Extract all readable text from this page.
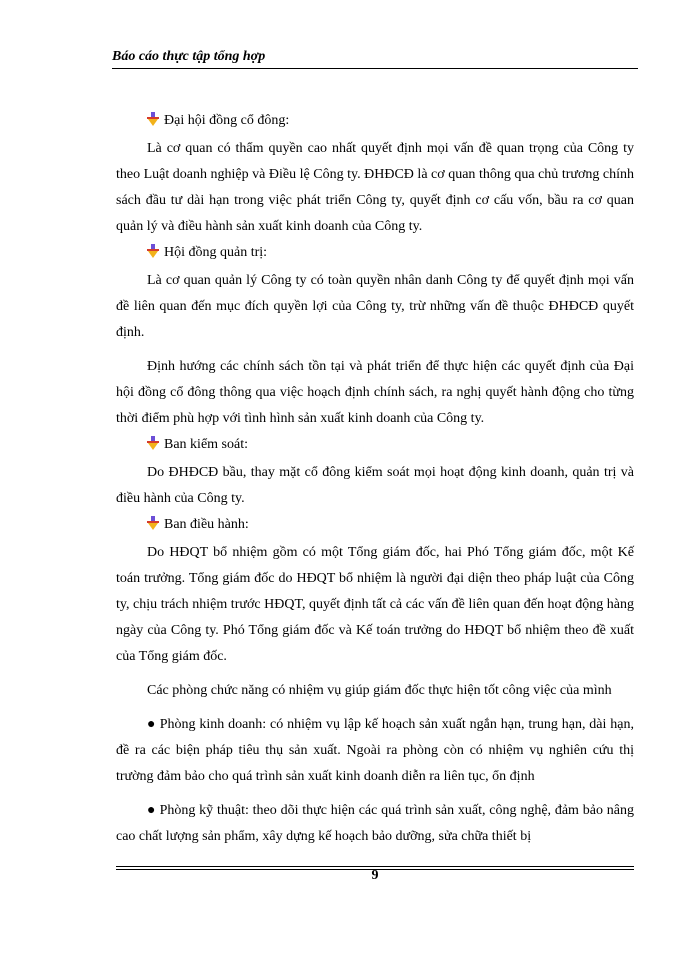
Báo cáo thực tập tổng hợp

Đại hội đồng cổ đông:

Là cơ quan có thẩm quyền cao nhất quyết định mọi vấn đề quan trọng của Công ty theo Luật doanh nghiệp và Điều lệ Công ty. ĐHĐCĐ là cơ quan thông qua chủ trương chính sách đầu tư dài hạn trong việc phát triển Công ty, quyết định cơ cấu vốn, bầu ra cơ quan quản lý và điều hành sản xuất kinh doanh của Công ty.

Hội đồng quản trị:

Là cơ quan quản lý Công ty có toàn quyền nhân danh Công ty để quyết định mọi vấn đề liên quan đến mục đích quyền lợi của Công ty, trừ những vấn đề thuộc ĐHĐCĐ quyết định.

Định hướng các chính sách tồn tại và phát triển để thực hiện các quyết định của Đại hội đồng cổ đông thông qua việc hoạch định chính sách, ra nghị quyết hành động cho từng thời điểm phù hợp với tình hình sản xuất kinh doanh của Công ty.

Ban kiểm soát:

Do ĐHĐCĐ bầu, thay mặt cổ đông kiểm soát mọi hoạt động kinh doanh, quản trị và điều hành của Công ty.

Ban điều hành:

Do HĐQT bổ nhiệm gồm có một Tổng giám đốc, hai Phó Tổng giám đốc, một Kế toán trưởng. Tổng giám đốc do HĐQT bổ nhiệm là người đại diện theo pháp luật của Công ty, chịu trách nhiệm trước HĐQT, quyết định tất cả các vấn đề liên quan đến hoạt động hàng ngày của Công ty. Phó Tổng giám đốc và Kế toán trưởng do HĐQT bổ nhiệm theo đề xuất của Tổng giám đốc.

Các phòng chức năng có nhiệm vụ giúp giám đốc thực hiện tốt công việc của mình

● Phòng kinh doanh: có nhiệm vụ lập kế hoạch sản xuất ngắn hạn, trung hạn, dài hạn, đề ra các biện pháp tiêu thụ sản xuất. Ngoài ra phòng còn có nhiệm vụ nghiên cứu thị trường đảm bảo cho quá trình sản xuất kinh doanh diễn ra liên tục, ổn định

● Phòng kỹ thuật: theo dõi thực hiện các quá trình sản xuất, công nghệ, đảm bảo nâng cao chất lượng sản phẩm, xây dựng kế hoạch bảo dưỡng, sửa chữa thiết bị

9
